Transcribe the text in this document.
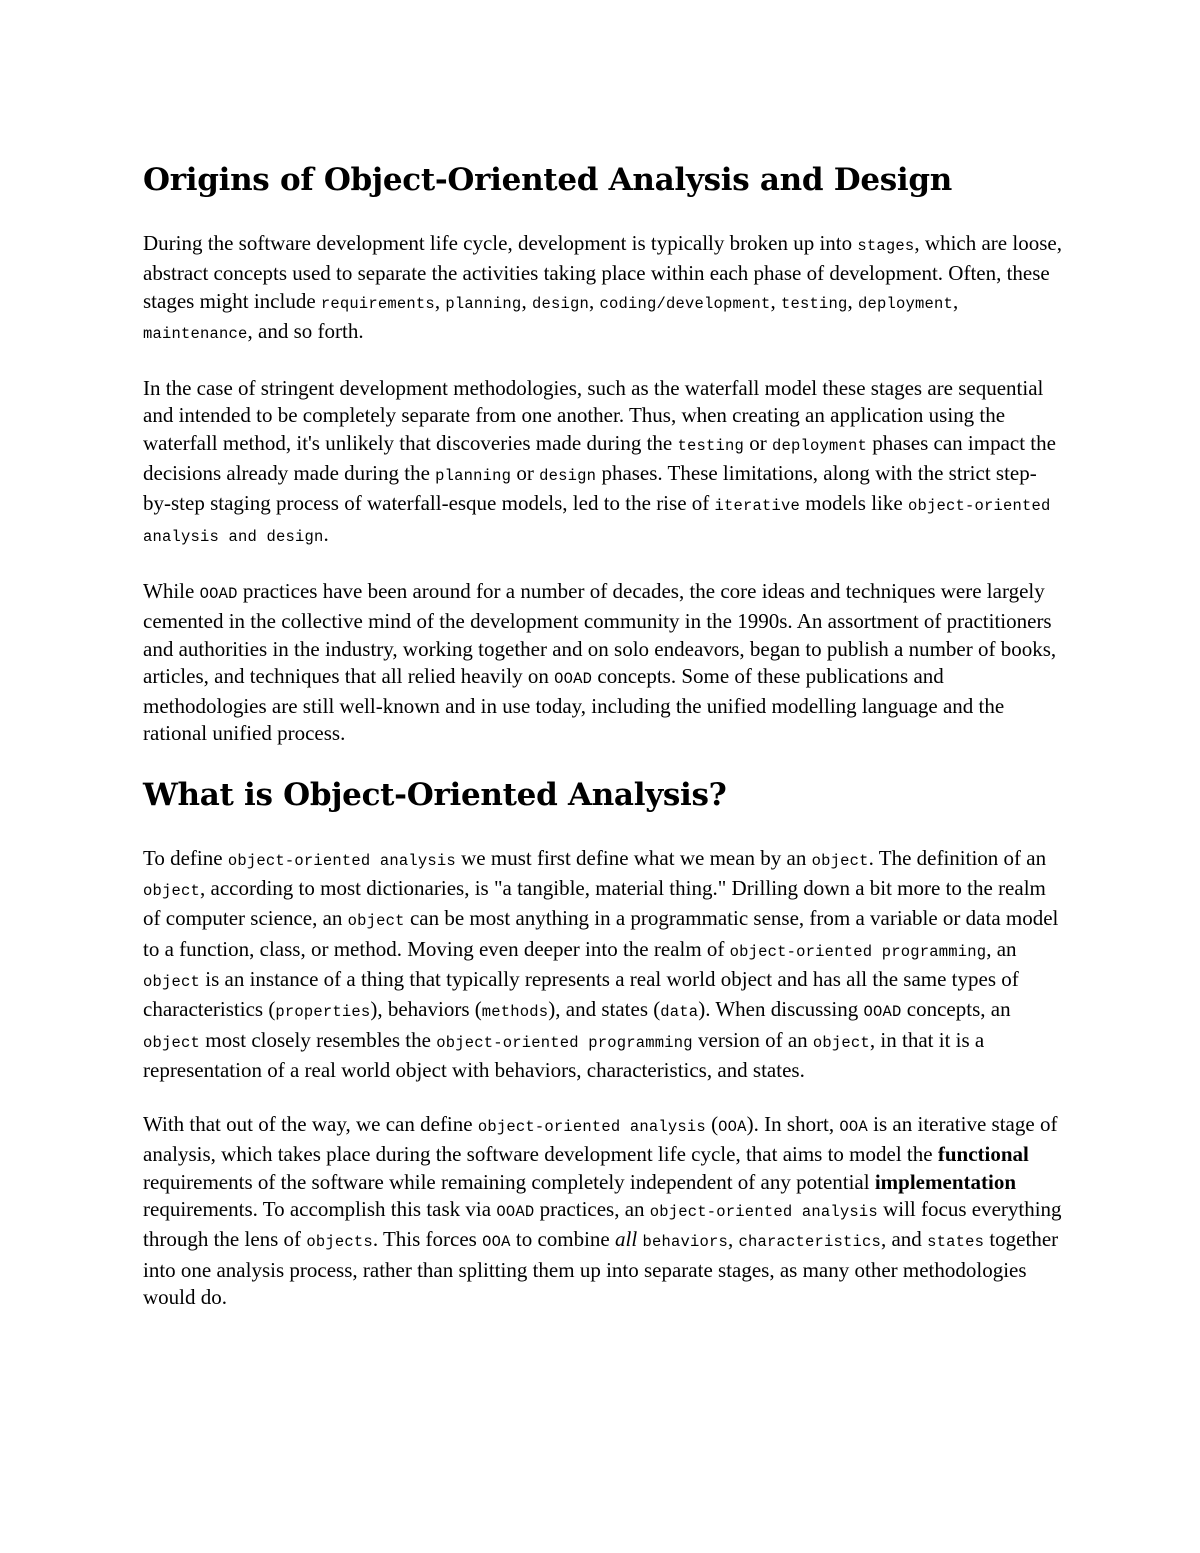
Origins of Object-Oriented Analysis and Design

During the software development life cycle, development is typically broken up into stages, which are loose, abstract concepts used to separate the activities taking place within each phase of development. Often, these stages might include requirements, planning, design, coding/development, testing, deployment, maintenance, and so forth.

In the case of stringent development methodologies, such as the waterfall model these stages are sequential and intended to be completely separate from one another. Thus, when creating an application using the waterfall method, it's unlikely that discoveries made during the testing or deployment phases can impact the decisions already made during the planning or design phases. These limitations, along with the strict step-by-step staging process of waterfall-esque models, led to the rise of iterative models like object-oriented analysis and design.

While OOAD practices have been around for a number of decades, the core ideas and techniques were largely cemented in the collective mind of the development community in the 1990s. An assortment of practitioners and authorities in the industry, working together and on solo endeavors, began to publish a number of books, articles, and techniques that all relied heavily on OOAD concepts. Some of these publications and methodologies are still well-known and in use today, including the unified modelling language and the rational unified process.

What is Object-Oriented Analysis?

To define object-oriented analysis we must first define what we mean by an object. The definition of an object, according to most dictionaries, is "a tangible, material thing." Drilling down a bit more to the realm of computer science, an object can be most anything in a programmatic sense, from a variable or data model to a function, class, or method. Moving even deeper into the realm of object-oriented programming, an object is an instance of a thing that typically represents a real world object and has all the same types of characteristics (properties), behaviors (methods), and states (data). When discussing OOAD concepts, an object most closely resembles the object-oriented programming version of an object, in that it is a representation of a real world object with behaviors, characteristics, and states.

With that out of the way, we can define object-oriented analysis (OOA). In short, OOA is an iterative stage of analysis, which takes place during the software development life cycle, that aims to model the functional requirements of the software while remaining completely independent of any potential implementation requirements. To accomplish this task via OOAD practices, an object-oriented analysis will focus everything through the lens of objects. This forces OOA to combine all behaviors, characteristics, and states together into one analysis process, rather than splitting them up into separate stages, as many other methodologies would do.
